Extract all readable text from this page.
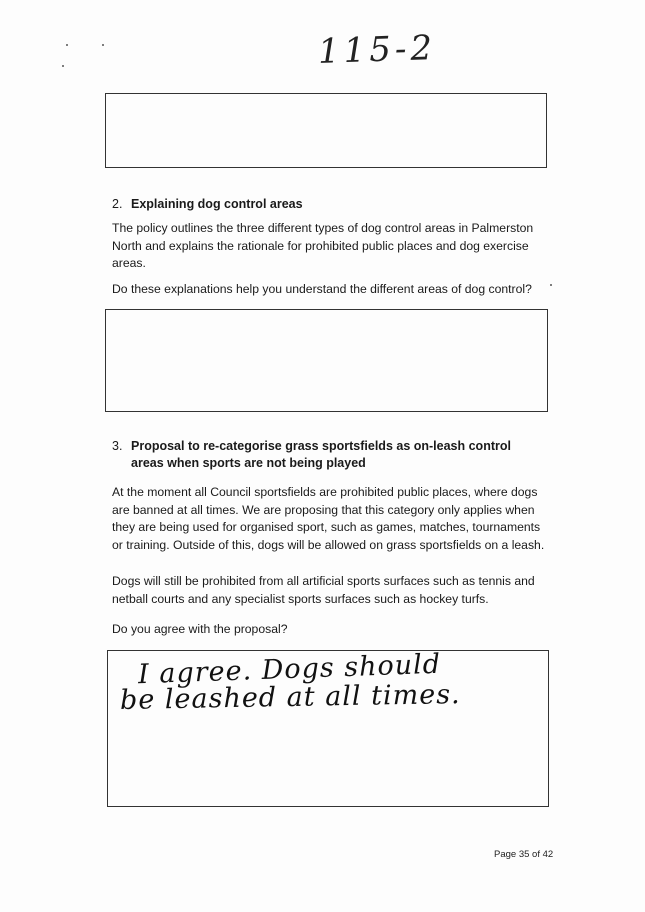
115-2
2. Explaining dog control areas

The policy outlines the three different types of dog control areas in Palmerston North and explains the rationale for prohibited public places and dog exercise areas.

Do these explanations help you understand the different areas of dog control?

3. Proposal to re-categorise grass sportsfields as on-leash control
areas when sports are not being played

At the moment all Council sportsfields are prohibited public places, where dogs are banned at all times. We are proposing that this category only applies when they are being used for organised sport, such as games, matches, tournaments or training. Outside of this, dogs will be allowed on grass sportsfields on a leash.

Dogs will still be prohibited from all artificial sports surfaces such as tennis and netball courts and any specialist sports surfaces such as hockey turfs.

Do you agree with the proposal?

I agree. Dogs should
be leashed at all times.
Page 35 of 42
